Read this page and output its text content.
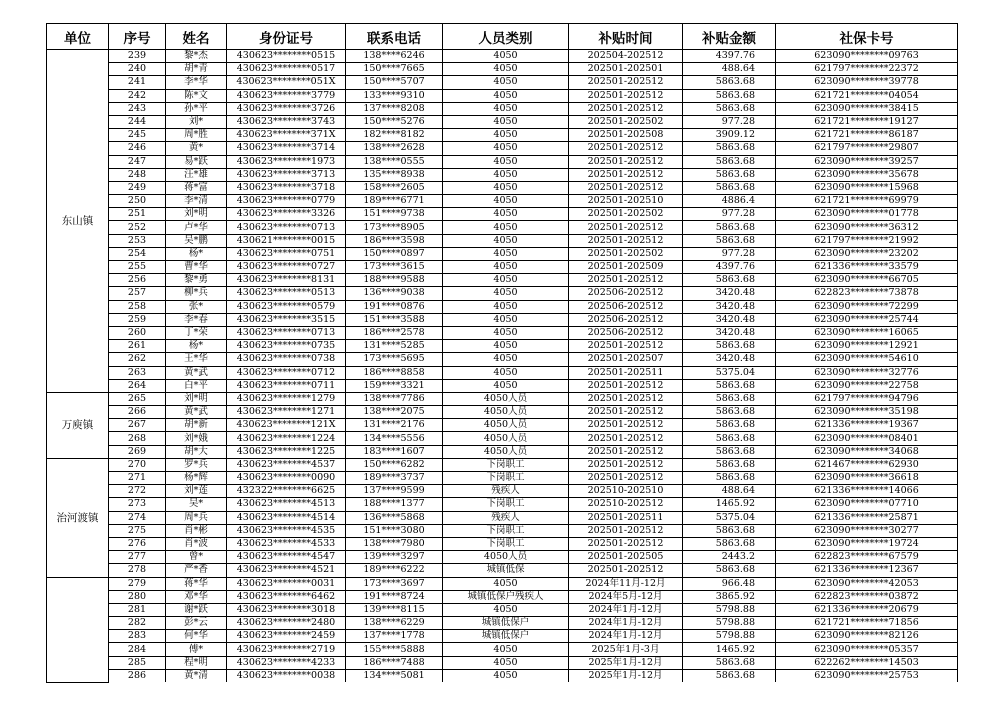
单位	序号	姓名	身份证号	联系电话	人员类别	补贴时间	补贴金额	社保卡号
东山镇	239	黎*杰	430623********0515	138****6246	4050	202504-202512	4397.76	623090********09763
	240	胡*青	430623********0517	150****7665	4050	202501-202501	488.64	621797********22372
	241	李*华	430623********051X	150****5707	4050	202501-202512	5863.68	623090********39778
	242	陈*文	430623********3779	133****9310	4050	202501-202512	5863.68	621721********04054
	243	孙*平	430623********3726	137****8208	4050	202501-202512	5863.68	623090********38415
	244	刘*	430623********3743	150****5276	4050	202501-202502	977.28	621721********19127
	245	周*胜	430623********371X	182****8182	4050	202501-202508	3909.12	621721********86187
	246	黄*	430623********3714	138****2628	4050	202501-202512	5863.68	621797********29807
	247	易*跃	430623********1973	138****0555	4050	202501-202512	5863.68	623090********39257
	248	汪*雄	430623********3713	135****8938	4050	202501-202512	5863.68	623090********35678
	249	蒋*富	430623********3718	158****2605	4050	202501-202512	5863.68	623090********15968
	250	李*清	430623********0779	189****6771	4050	202501-202510	4886.4	621721********69979
	251	刘*明	430623********3326	151****9738	4050	202501-202502	977.28	623090********01778
	252	卢*华	430623********0713	173****8905	4050	202501-202512	5863.68	623090********36312
	253	吴*鹏	430621********0015	186****3598	4050	202501-202512	5863.68	621797********21992
	254	杨*	430623********0751	150****0897	4050	202501-202502	977.28	623090********23202
	255	曹*华	430623********0727	173****3615	4050	202501-202509	4397.76	621336********33579
	256	黎*勇	430623********8131	188****9588	4050	202501-202512	5863.68	623090********66705
	257	柳*兵	430623********0513	136****9038	4050	202506-202512	3420.48	622823********73878
	258	张*	430623********0579	191****0876	4050	202506-202512	3420.48	623090********72299
	259	李*春	430623********3515	151****3588	4050	202506-202512	3420.48	623090********25744
	260	丁*荣	430623********0713	186****2578	4050	202506-202512	3420.48	623090********16065
	261	杨*	430623********0735	131****5285	4050	202501-202512	5863.68	623090********12921
	262	王*华	430623********0738	173****5695	4050	202501-202507	3420.48	623090********54610
	263	黄*武	430623********0712	186****8858	4050	202501-202511	5375.04	623090********32776
	264	白*平	430623********0711	159****3321	4050	202501-202512	5863.68	623090********22758
万庾镇	265	刘*明	430623********1279	138****7786	4050人员	202501-202512	5863.68	621797********94796
	266	黄*武	430623********1271	138****2075	4050人员	202501-202512	5863.68	623090********35198
	267	胡*新	430623********121X	131****2176	4050人员	202501-202512	5863.68	621336********19367
	268	刘*娥	430623********1224	134****5556	4050人员	202501-202512	5863.68	623090********08401
	269	胡*大	430623********1225	183****1607	4050人员	202501-202512	5863.68	623090********34068
治河渡镇	270	罗*兵	430623********4537	150****6282	下岗职工	202501-202512	5863.68	621467********62930
	271	杨*辉	430623********0090	189****3737	下岗职工	202501-202512	5863.68	623090********36618
	272	刘*莲	432322********6625	137****9599	残疾人	202510-202510	488.64	621336********14066
	273	吴*	430623********4513	188****1377	下岗职工	202510-202512	1465.92	623090********07710
	274	周*兵	430623********4514	136****5868	残疾人	202501-202511	5375.04	621336********25871
	275	肖*彬	430623********4535	151****3080	下岗职工	202501-202512	5863.68	623090********30277
	276	肖*波	430623********4533	138****7980	下岗职工	202501-202512	5863.68	623090********19724
	277	曾*	430623********4547	139****3297	4050人员	202501-202505	2443.2	622823********67579
	278	严*香	430623********4521	189****6222	城镇低保	202501-202512	5863.68	621336********12367
	279	蒋*华	430623********0031	173****3697	4050	2024年11月-12月	966.48	623090********42053
	280	邓*华	430623********6462	191****8724	城镇低保户残疾人	2024年5月-12月	3865.92	622823********03872
	281	谢*跃	430623********3018	139****8115	4050	2024年1月-12月	5798.88	621336********20679
	282	彭*云	430623********2480	138****6229	城镇低保户	2024年1月-12月	5798.88	621721********71856
	283	何*华	430623********2459	137****1778	城镇低保户	2024年1月-12月	5798.88	623090********82126
	284	傅*	430623********2719	155****5888	4050	2025年1月-3月	1465.92	623090********05357
	285	程*明	430623********4233	186****7488	4050	2025年1月-12月	5863.68	622262********14503
	286	黄*清	430623********0038	134****5081	4050	2025年1月-12月	5863.68	623090********25753
